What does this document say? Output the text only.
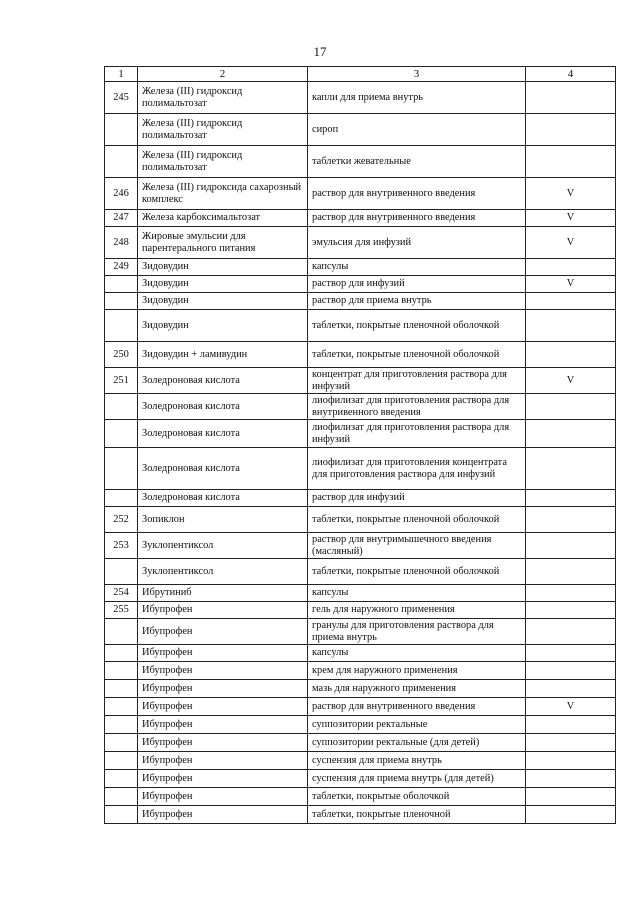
17
1	2	3	4
245	Железа (III) гидроксид полимальтозат	капли для приема внутрь	
	Железа (III) гидроксид полимальтозат	сироп	
	Железа (III) гидроксид полимальтозат	таблетки жевательные	
246	Железа (III) гидроксида сахарозный комплекс	раствор для внутривенного введения	V
247	Железа карбоксимальтозат	раствор для внутривенного введения	V
248	Жировые эмульсии для парентерального питания	эмульсия для инфузий	V
249	Зидовудин	капсулы	
	Зидовудин	раствор для инфузий	V
	Зидовудин	раствор для приема внутрь	
	Зидовудин	таблетки, покрытые пленочной оболочкой	
250	Зидовудин + ламивудин	таблетки, покрытые пленочной оболочкой	
251	Золедроновая кислота	концентрат для приготовления раствора для инфузий	V
	Золедроновая кислота	лиофилизат для приготовления раствора для внутривенного введения	
	Золедроновая кислота	лиофилизат для приготовления раствора для инфузий	
	Золедроновая кислота	лиофилизат для приготовления концентрата для приготовления раствора для инфузий	
	Золедроновая кислота	раствор для инфузий	
252	Зопиклон	таблетки, покрытые пленочной оболочкой	
253	Зуклопентиксол	раствор для внутримышечного введения (масляный)	
	Зуклопентиксол	таблетки, покрытые пленочной оболочкой	
254	Ибрутиниб	капсулы	
255	Ибупрофен	гель для наружного применения	
	Ибупрофен	гранулы для приготовления раствора для приема внутрь	
	Ибупрофен	капсулы	
	Ибупрофен	крем для наружного применения	
	Ибупрофен	мазь для наружного применения	
	Ибупрофен	раствор для внутривенного введения	V
	Ибупрофен	суппозитории ректальные	
	Ибупрофен	суппозитории ректальные (для детей)	
	Ибупрофен	суспензия для приема внутрь	
	Ибупрофен	суспензия для приема внутрь (для детей)	
	Ибупрофен	таблетки, покрытые оболочкой	
	Ибупрофен	таблетки, покрытые пленочной	
